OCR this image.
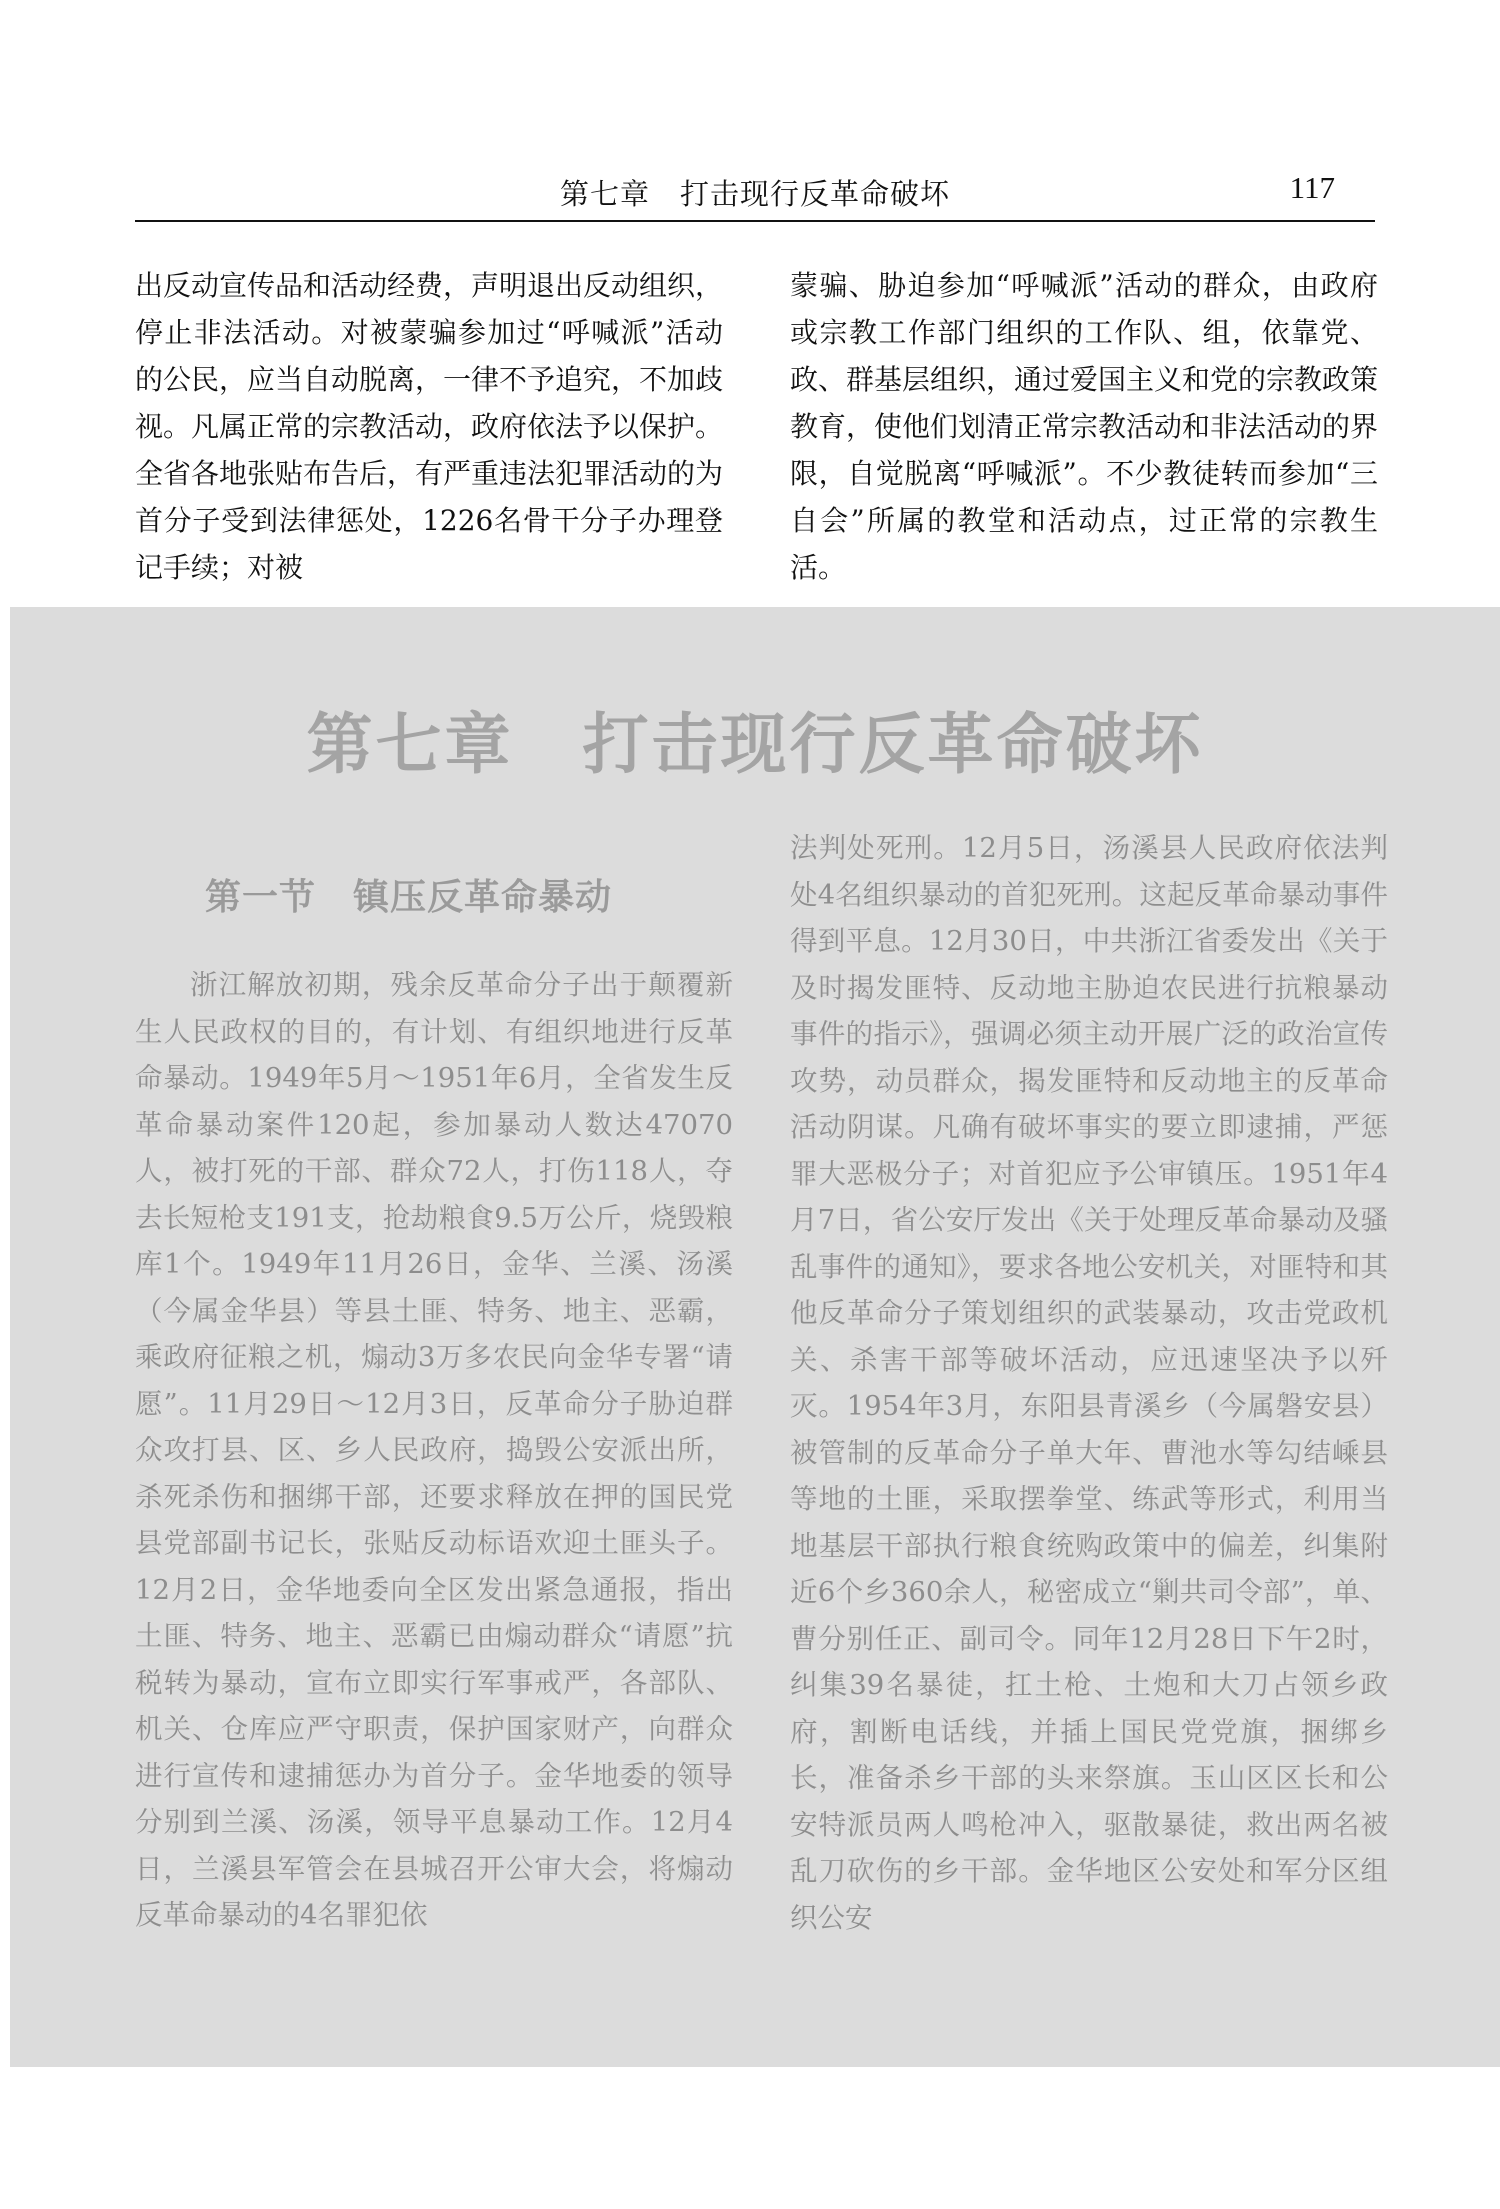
第七章　打击现行反革命破坏	117

出反动宣传品和活动经费，声明退出反动组织，停止非法活动。对被蒙骗参加过“呼喊派”活动的公民，应当自动脱离，一律不予追究，不加歧视。凡属正常的宗教活动，政府依法予以保护。全省各地张贴布告后，有严重违法犯罪活动的为首分子受到法律惩处，1226名骨干分子办理登记手续；对被

蒙骗、胁迫参加“呼喊派”活动的群众，由政府或宗教工作部门组织的工作队、组，依靠党、政、群基层组织，通过爱国主义和党的宗教政策教育，使他们划清正常宗教活动和非法活动的界限，自觉脱离“呼喊派”。不少教徒转而参加“三自会”所属的教堂和活动点，过正常的宗教生活。

第七章　打击现行反革命破坏
第一节　镇压反革命暴动

浙江解放初期，残余反革命分子出于颠覆新生人民政权的目的，有计划、有组织地进行反革命暴动。1949年5月～1951年6月，全省发生反革命暴动案件120起，参加暴动人数达47070人，被打死的干部、群众72人，打伤118人，夺去长短枪支191支，抢劫粮食9.5万公斤，烧毁粮库1个。1949年11月26日，金华、兰溪、汤溪（今属金华县）等县土匪、特务、地主、恶霸，乘政府征粮之机，煽动3万多农民向金华专署“请愿”。11月29日～12月3日，反革命分子胁迫群众攻打县、区、乡人民政府，捣毁公安派出所，杀死杀伤和捆绑干部，还要求释放在押的国民党县党部副书记长，张贴反动标语欢迎土匪头子。12月2日，金华地委向全区发出紧急通报，指出土匪、特务、地主、恶霸已由煽动群众“请愿”抗税转为暴动，宣布立即实行军事戒严，各部队、机关、仓库应严守职责，保护国家财产，向群众进行宣传和逮捕惩办为首分子。金华地委的领导分别到兰溪、汤溪，领导平息暴动工作。12月4日，兰溪县军管会在县城召开公审大会，将煽动反革命暴动的4名罪犯依

法判处死刑。12月5日，汤溪县人民政府依法判处4名组织暴动的首犯死刑。这起反革命暴动事件得到平息。12月30日，中共浙江省委发出《关于及时揭发匪特、反动地主胁迫农民进行抗粮暴动事件的指示》，强调必须主动开展广泛的政治宣传攻势，动员群众，揭发匪特和反动地主的反革命活动阴谋。凡确有破坏事实的要立即逮捕，严惩罪大恶极分子；对首犯应予公审镇压。1951年4月7日，省公安厅发出《关于处理反革命暴动及骚乱事件的通知》，要求各地公安机关，对匪特和其他反革命分子策划组织的武装暴动，攻击党政机关、杀害干部等破坏活动，应迅速坚决予以歼灭。1954年3月，东阳县青溪乡（今属磐安县）被管制的反革命分子单大年、曹池水等勾结嵊县等地的土匪，采取摆拳堂、练武等形式，利用当地基层干部执行粮食统购政策中的偏差，纠集附近6个乡360余人，秘密成立“剿共司令部”，单、曹分别任正、副司令。同年12月28日下午2时，纠集39名暴徒，扛土枪、土炮和大刀占领乡政府，割断电话线，并插上国民党党旗，捆绑乡长，准备杀乡干部的头来祭旗。玉山区区长和公安特派员两人鸣枪冲入，驱散暴徒，救出两名被乱刀砍伤的乡干部。金华地区公安处和军分区组织公安
